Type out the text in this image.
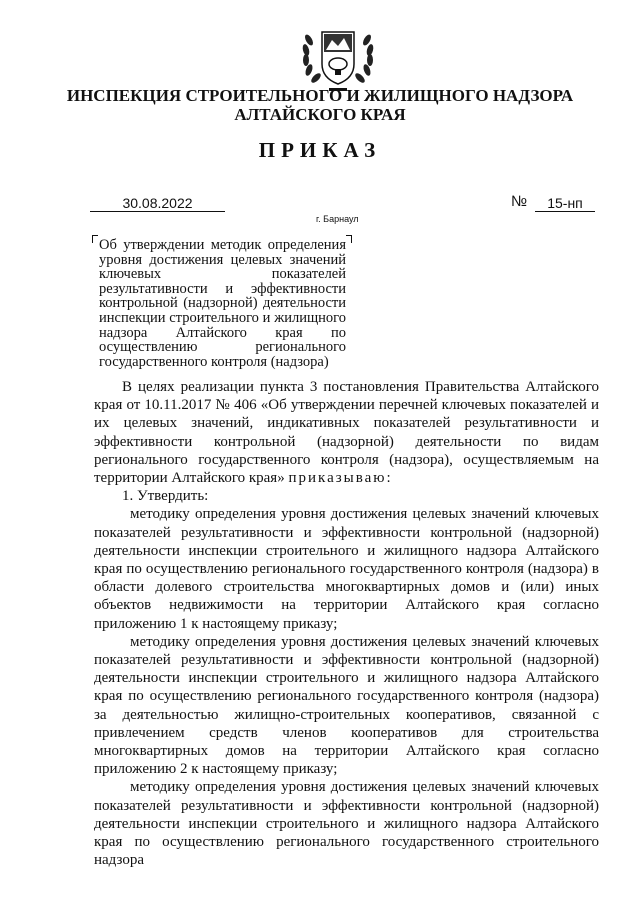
ИНСПЕКЦИЯ СТРОИТЕЛЬНОГО И ЖИЛИЩНОГО НАДЗОРА
АЛТАЙСКОГО КРАЯ
ПРИКАЗ
30.08.2022	№	15-нп
г. Барнаул
Об утверждении методик определения уровня достижения целевых значений ключевых показателей результативности и эффективности контрольной (надзорной) деятельности инспекции строительного и жилищного надзора Алтайского края по осуществлению регионального государственного контроля (надзора)

В целях реализации пункта 3 постановления Правительства Алтайского края от 10.11.2017 № 406 «Об утверждении перечней ключевых показателей и их целевых значений, индикативных показателей результативности и эффективности контрольной (надзорной) деятельности по видам регионального государственного контроля (надзора), осуществляемым на территории Алтайского края» приказываю:

1. Утвердить:

методику определения уровня достижения целевых значений ключевых показателей результативности и эффективности контрольной (надзорной) деятельности инспекции строительного и жилищного надзора Алтайского края по осуществлению регионального государственного контроля (надзора) в области долевого строительства многоквартирных домов и (или) иных объектов недвижимости на территории Алтайского края согласно приложению 1 к настоящему приказу;

методику определения уровня достижения целевых значений ключевых показателей результативности и эффективности контрольной (надзорной) деятельности инспекции строительного и жилищного надзора Алтайского края по осуществлению регионального государственного контроля (надзора) за деятельностью жилищно-строительных кооперативов, связанной с привлечением средств членов кооперативов для строительства многоквартирных домов на территории Алтайского края согласно приложению 2 к настоящему приказу;

методику определения уровня достижения целевых значений ключевых показателей результативности и эффективности контрольной (надзорной) деятельности инспекции строительного и жилищного надзора Алтайского края по осуществлению регионального государственного строительного надзора
